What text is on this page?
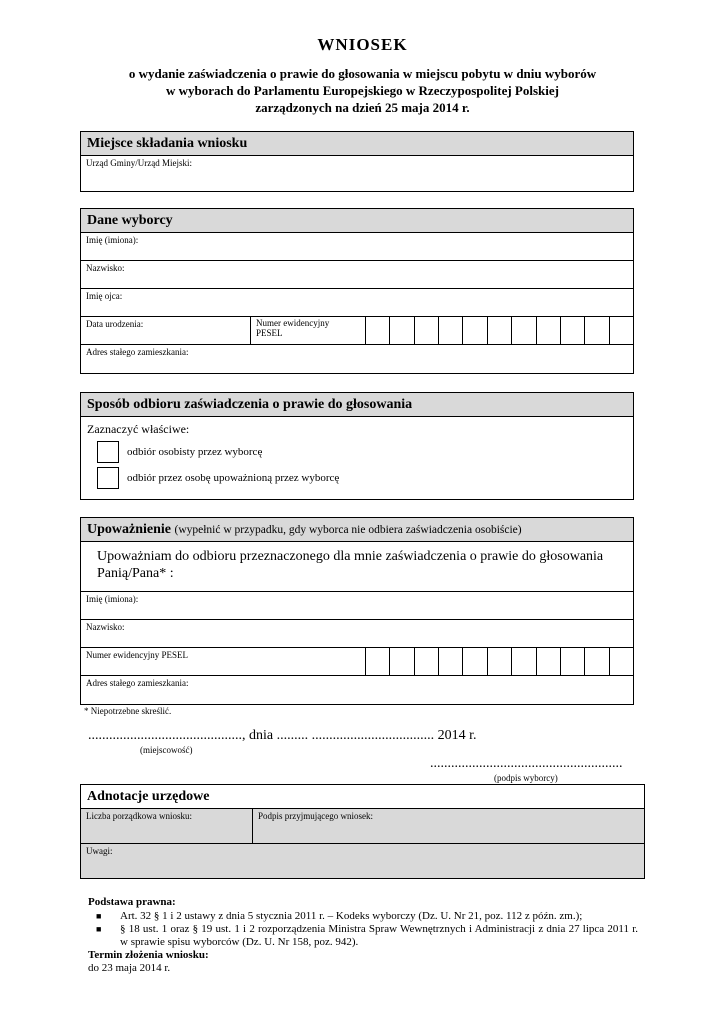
WNIOSEK
o wydanie zaświadczenia o prawie do głosowania w miejscu pobytu w dniu wyborów
w wyborach do Parlamentu Europejskiego w Rzeczypospolitej Polskiej
zarządzonych na dzień 25 maja 2014 r.
Miejsce składania wniosku
Urząd Gminy/Urząd Miejski:
Dane wyborcy
Imię (imiona):
Nazwisko:
Imię ojca:
Data urodzenia:	Numer ewidencyjny
PESEL
Adres stałego zamieszkania:
Sposób odbioru zaświadczenia o prawie do głosowania
Zaznaczyć właściwe:
odbiór osobisty przez wyborcę
odbiór przez osobę upoważnioną przez wyborcę
Upoważnienie (wypełnić w przypadku, gdy wyborca nie odbiera zaświadczenia osobiście)
Upoważniam do odbioru przeznaczonego dla mnie zaświadczenia o prawie do głosowania Panią/Pana* :
Imię (imiona):
Nazwisko:
Numer ewidencyjny PESEL
Adres stałego zamieszkania:
* Niepotrzebne skreślić.
............................................, dnia ......... ................................... 2014 r.
(miejscowość)
.......................................................
(podpis wyborcy)
Adnotacje urzędowe
Liczba porządkowa wniosku:	Podpis przyjmującego wniosek:
Uwagi:
Podstawa prawna:
■ Art. 32 § 1 i 2 ustawy z dnia 5 stycznia 2011 r. – Kodeks wyborczy (Dz. U. Nr 21, poz. 112 z późn. zm.);
■ § 18 ust. 1 oraz § 19 ust. 1 i 2 rozporządzenia Ministra Spraw Wewnętrznych i Administracji z dnia 27 lipca 2011 r. w sprawie spisu wyborców (Dz. U. Nr 158, poz. 942).
Termin złożenia wniosku:
do 23 maja 2014 r.
